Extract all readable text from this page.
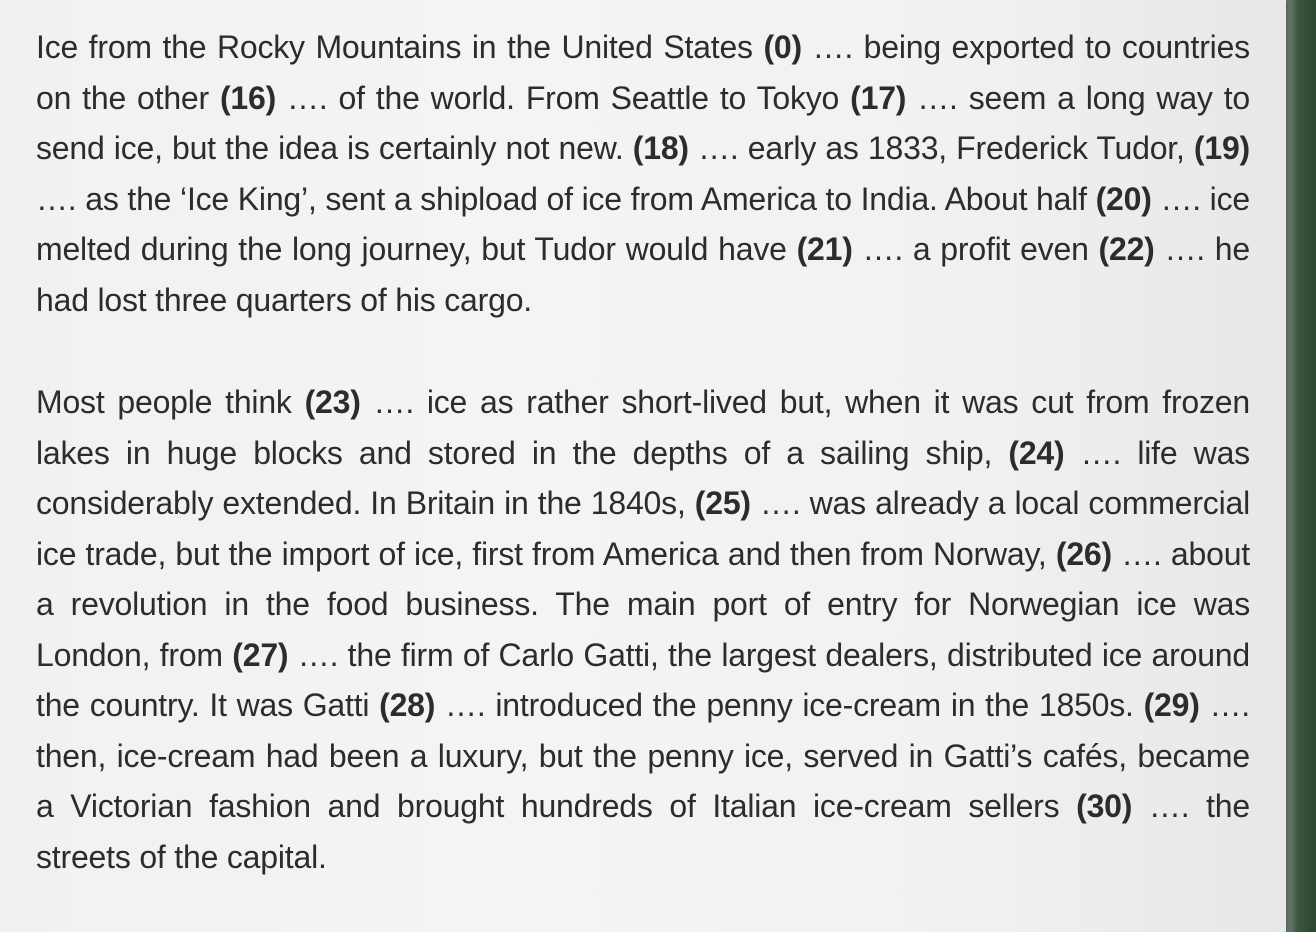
Ice from the Rocky Mountains in the United States (0) …. being exported to countries on the other (16) …. of the world. From Seattle to Tokyo (17) …. seem a long way to send ice, but the idea is certainly not new. (18) …. early as 1833, Frederick Tudor, (19) …. as the ‘Ice King’, sent a shipload of ice from America to India. About half (20) …. ice melted during the long journey, but Tudor would have (21) …. a profit even (22) …. he had lost three quarters of his cargo.

Most people think (23) …. ice as rather short-lived but, when it was cut from frozen lakes in huge blocks and stored in the depths of a sailing ship, (24) …. life was considerably extended. In Britain in the 1840s, (25) …. was already a local commercial ice trade, but the import of ice, first from America and then from Norway, (26) …. about a revolution in the food business. The main port of entry for Norwegian ice was London, from (27) …. the firm of Carlo Gatti, the largest dealers, distributed ice around the country. It was Gatti (28) …. introduced the penny ice-cream in the 1850s. (29) …. then, ice-cream had been a luxury, but the penny ice, served in Gatti’s cafés, became a Victorian fashion and brought hundreds of Italian ice-cream sellers (30) …. the streets of the capital.
